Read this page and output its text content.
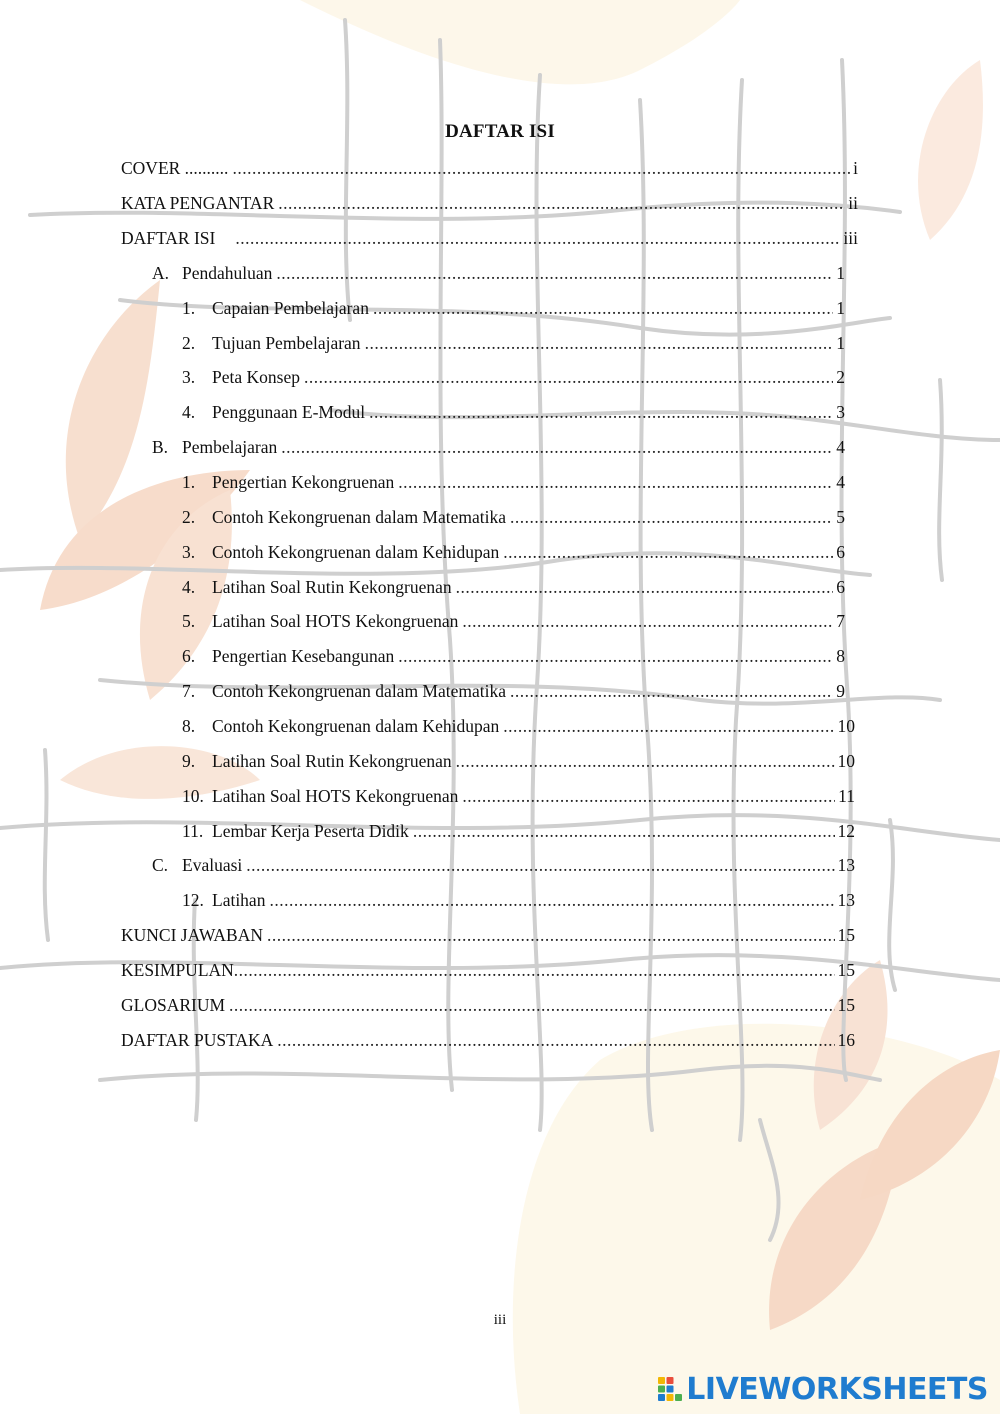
DAFTAR ISI
COVER .......... .....	i
KATA PENGANTAR .....	ii
DAFTAR ISI .....	iii
A. Pendahuluan .....	1
1. Capaian Pembelajaran .....	1
2. Tujuan Pembelajaran .....	1
3. Peta Konsep .....	2
4. Penggunaan E-Modul .....	3
B. Pembelajaran .....	4
1. Pengertian Kekongruenan .....	4
2. Contoh Kekongruenan dalam Matematika .....	5
3. Contoh Kekongruenan dalam Kehidupan .....	6
4. Latihan Soal Rutin Kekongruenan .....	6
5. Latihan Soal HOTS Kekongruenan .....	7
6. Pengertian Kesebangunan .....	8
7. Contoh Kekongruenan dalam Matematika .....	9
8. Contoh Kekongruenan dalam Kehidupan .....	10
9. Latihan Soal Rutin Kekongruenan .....	10
10. Latihan Soal HOTS Kekongruenan .....	11
11. Lembar Kerja Peserta Didik .....	12
C. Evaluasi .....	13
12. Latihan .....	13
KUNCI JAWABAN .....	15
KESIMPULAN .....	15
GLOSARIUM .....	15
DAFTAR PUSTAKA .....	16
iii
LIVEWORKSHEETS
